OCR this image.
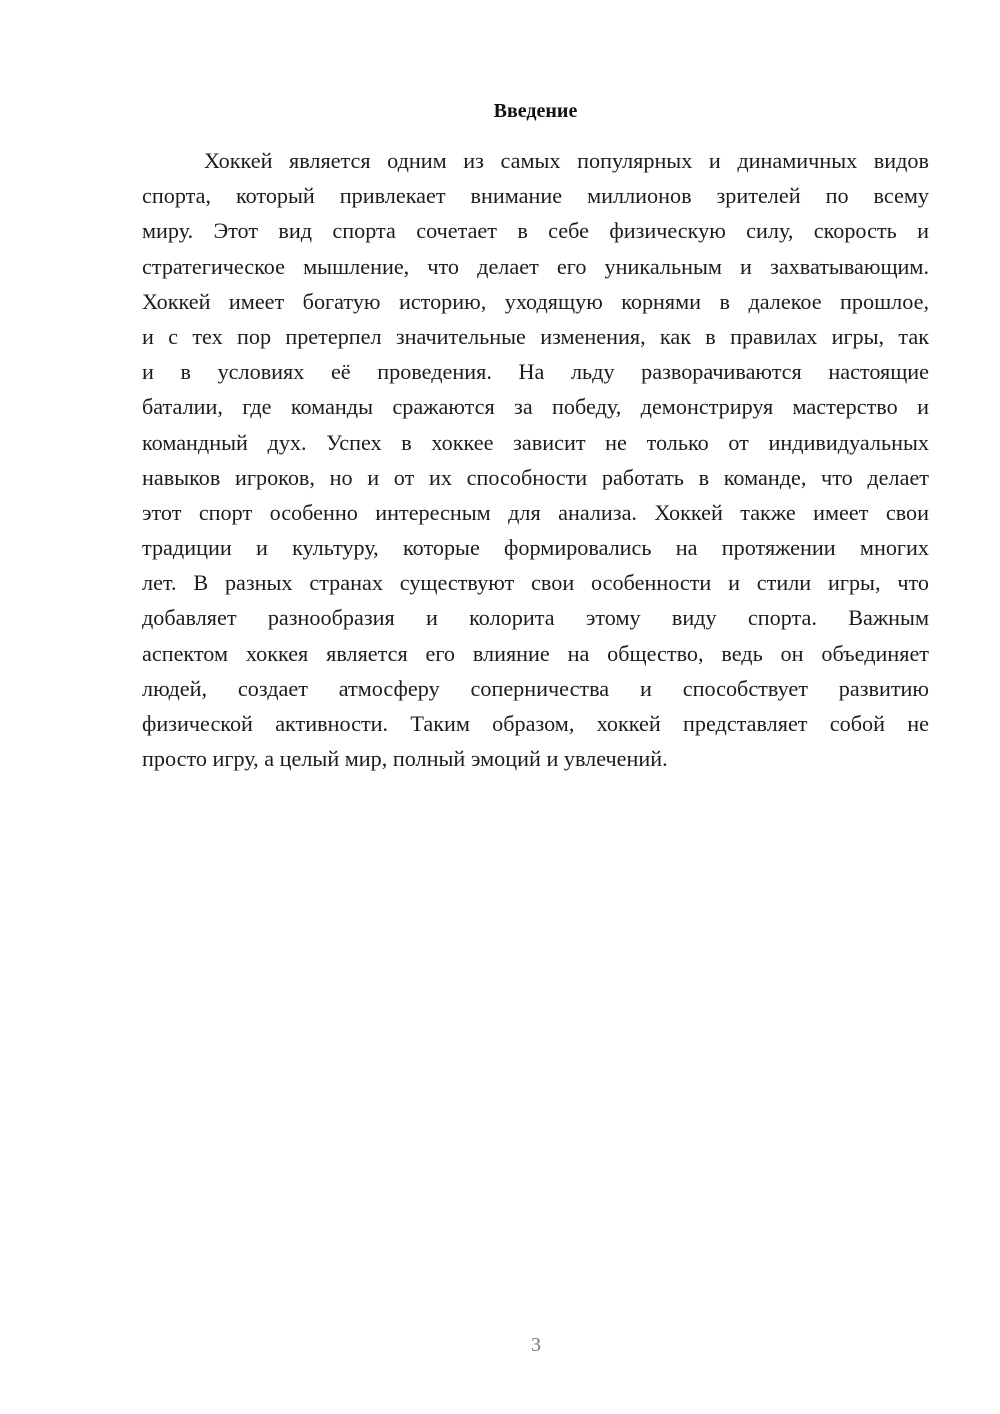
Введение
Хоккей является одним из самых популярных и динамичных видов
спорта, который привлекает внимание миллионов зрителей по всему
миру. Этот вид спорта сочетает в себе физическую силу, скорость и
стратегическое мышление, что делает его уникальным и захватывающим.
Хоккей имеет богатую историю, уходящую корнями в далекое прошлое,
и с тех пор претерпел значительные изменения, как в правилах игры, так
и в условиях её проведения. На льду разворачиваются настоящие
баталии, где команды сражаются за победу, демонстрируя мастерство и
командный дух. Успех в хоккее зависит не только от индивидуальных
навыков игроков, но и от их способности работать в команде, что делает
этот спорт особенно интересным для анализа. Хоккей также имеет свои
традиции и культуру, которые формировались на протяжении многих
лет. В разных странах существуют свои особенности и стили игры, что
добавляет разнообразия и колорита этому виду спорта. Важным
аспектом хоккея является его влияние на общество, ведь он объединяет
людей, создает атмосферу соперничества и способствует развитию
физической активности. Таким образом, хоккей представляет собой не
просто игру, а целый мир, полный эмоций и увлечений.
3
